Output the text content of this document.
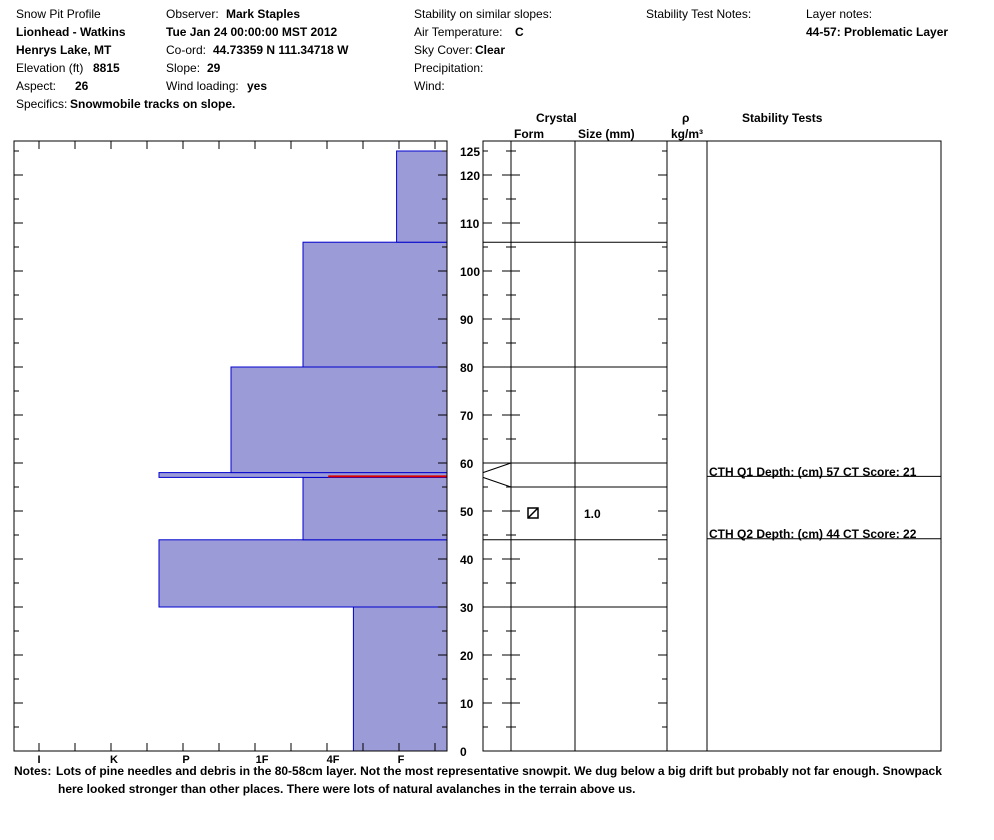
Snow Pit Profile
Lionhead - Watkins
Henrys Lake, MT
Elevation (ft) 8815
Aspect: 26
Specifics: Snowmobile tracks on slope.
Observer: Mark Staples
Tue Jan 24 00:00:00 MST 2012
Co-ord: 44.73359 N 111.34718 W
Slope: 29
Wind loading: yes
Stability on similar slopes:
Air Temperature: C
Sky Cover: Clear
Precipitation:
Wind:
Stability Test Notes:	Layer notes:
44-57: Problematic Layer
Crystal
Form	Size (mm)
ρ
kg/m³
Stability Tests
0
10
20
30
40
50
60
70
80
90
100
110
120
125
I	K	P	1F	4F	F
1.0
CTH Q1 Depth: (cm) 57 CT Score: 21
CTH Q2 Depth: (cm) 44 CT Score: 22
Notes: Lots of pine needles and debris in the 80-58cm layer. Not the most representative snowpit. We dug below a big drift but probably not far enough. Snowpack
here looked stronger than other places. There were lots of natural avalanches in the terrain above us.
